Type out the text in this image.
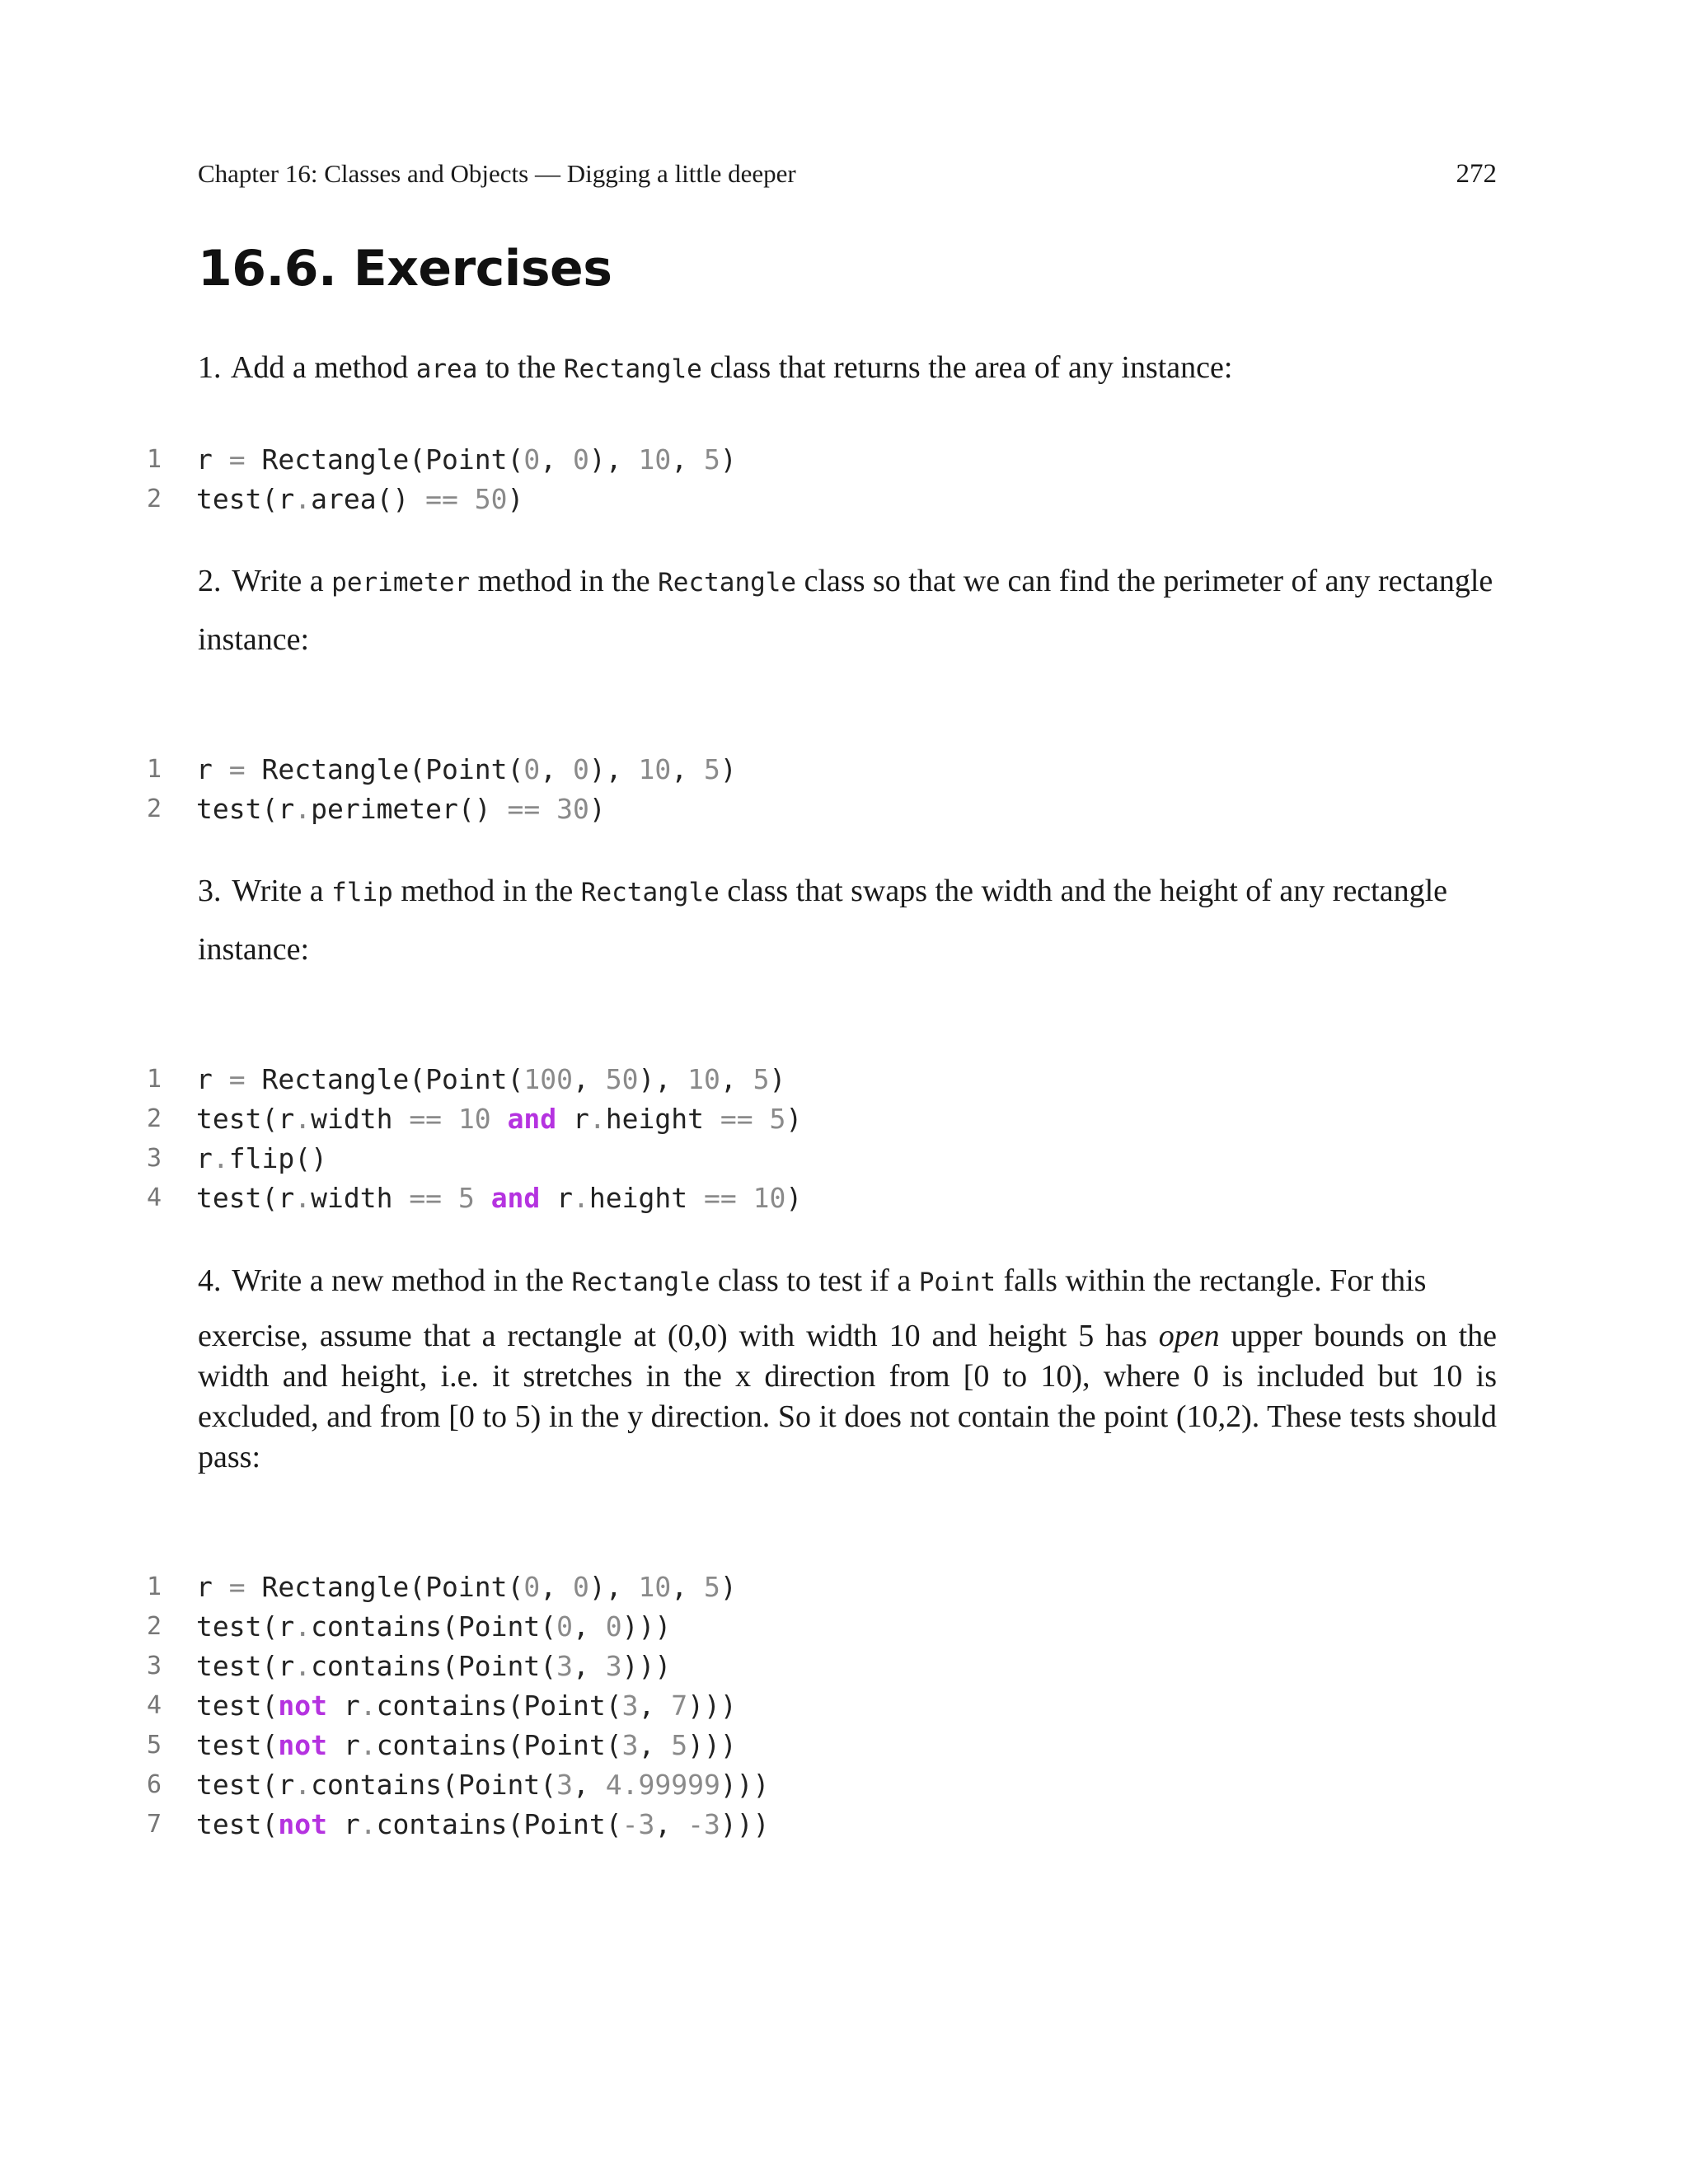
Chapter 16: Classes and Objects — Digging a little deeper	272
16.6. Exercises

1. Add a method area to the Rectangle class that returns the area of any instance:

1 r = Rectangle(Point(0, 0), 10, 5)
2 test(r.area() == 50)

2. Write a perimeter method in the Rectangle class so that we can find the perimeter of any rectangle instance:

1 r = Rectangle(Point(0, 0), 10, 5)
2 test(r.perimeter() == 30)

3. Write a flip method in the Rectangle class that swaps the width and the height of any rectangle instance:

1 r = Rectangle(Point(100, 50), 10, 5)
2 test(r.width == 10 and r.height == 5)
3 r.flip()
4 test(r.width == 5 and r.height == 10)

4. Write a new method in the Rectangle class to test if a Point falls within the rectangle. For this

exercise, assume that a rectangle at (0,0) with width 10 and height 5 has open upper bounds on the width and height, i.e. it stretches in the x direction from [0 to 10), where 0 is included but 10 is excluded, and from [0 to 5) in the y direction. So it does not contain the point (10,2). These tests should pass:

1 r = Rectangle(Point(0, 0), 10, 5)
2 test(r.contains(Point(0, 0)))
3 test(r.contains(Point(3, 3)))
4 test(not r.contains(Point(3, 7)))
5 test(not r.contains(Point(3, 5)))
6 test(r.contains(Point(3, 4.99999)))
7 test(not r.contains(Point(-3, -3)))
